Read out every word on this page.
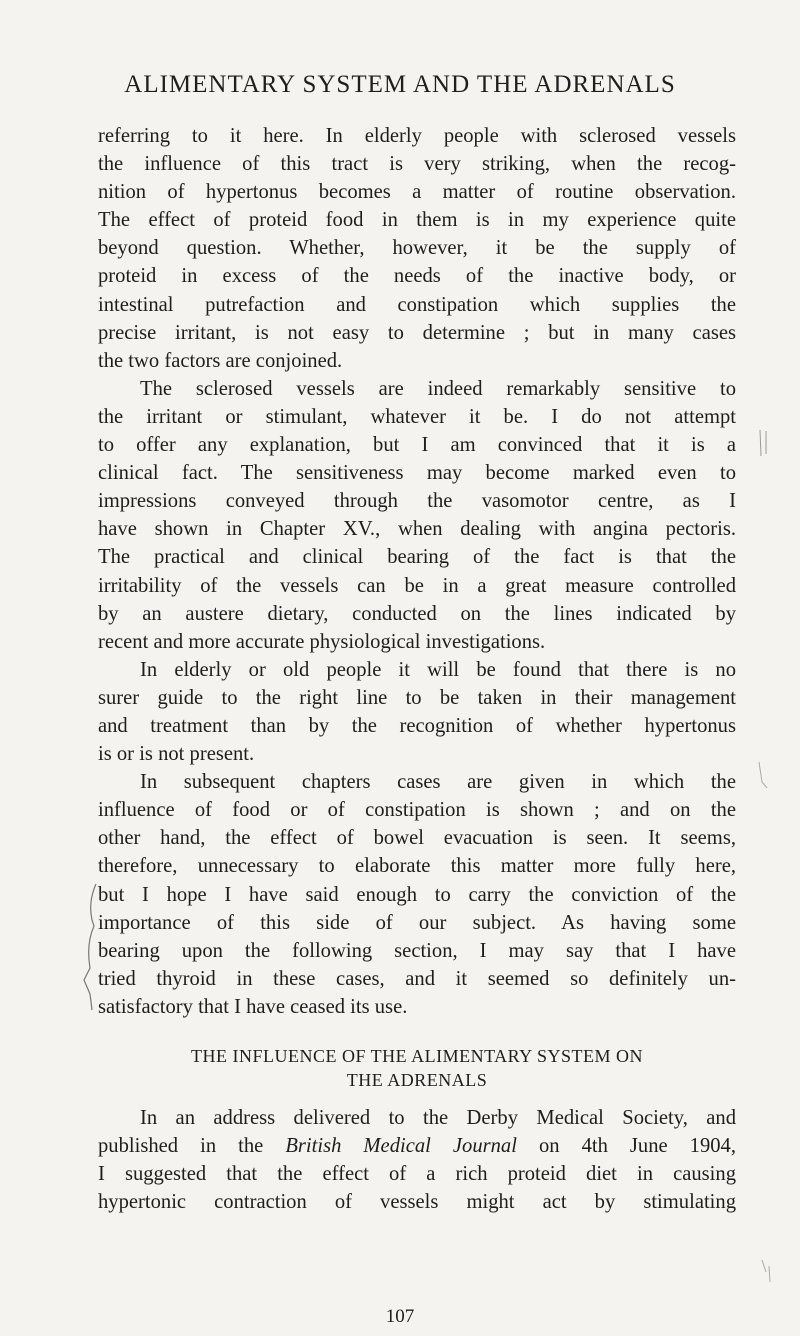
ALIMENTARY SYSTEM AND THE ADRENALS

referring to it here. In elderly people with sclerosed vessels

the influence of this tract is very striking, when the recog-

nition of hypertonus becomes a matter of routine observation.

The effect of proteid food in them is in my experience quite

beyond question. Whether, however, it be the supply of

proteid in excess of the needs of the inactive body, or

intestinal putrefaction and constipation which supplies the

precise irritant, is not easy to determine ; but in many cases

the two factors are conjoined.

The sclerosed vessels are indeed remarkably sensitive to

the irritant or stimulant, whatever it be. I do not attempt

to offer any explanation, but I am convinced that it is a

clinical fact. The sensitiveness may become marked even to

impressions conveyed through the vasomotor centre, as I

have shown in Chapter XV., when dealing with angina pectoris.

The practical and clinical bearing of the fact is that the

irritability of the vessels can be in a great measure controlled

by an austere dietary, conducted on the lines indicated by

recent and more accurate physiological investigations.

In elderly or old people it will be found that there is no

surer guide to the right line to be taken in their management

and treatment than by the recognition of whether hypertonus

is or is not present.

In subsequent chapters cases are given in which the

influence of food or of constipation is shown ; and on the

other hand, the effect of bowel evacuation is seen. It seems,

therefore, unnecessary to elaborate this matter more fully here,

but I hope I have said enough to carry the conviction of the

importance of this side of our subject. As having some

bearing upon the following section, I may say that I have

tried thyroid in these cases, and it seemed so definitely un-

satisfactory that I have ceased its use.

THE INFLUENCE OF THE ALIMENTARY SYSTEM ON
THE ADRENALS

In an address delivered to the Derby Medical Society, and

published in the British Medical Journal on 4th June 1904,

I suggested that the effect of a rich proteid diet in causing

hypertonic contraction of vessels might act by stimulating

107
